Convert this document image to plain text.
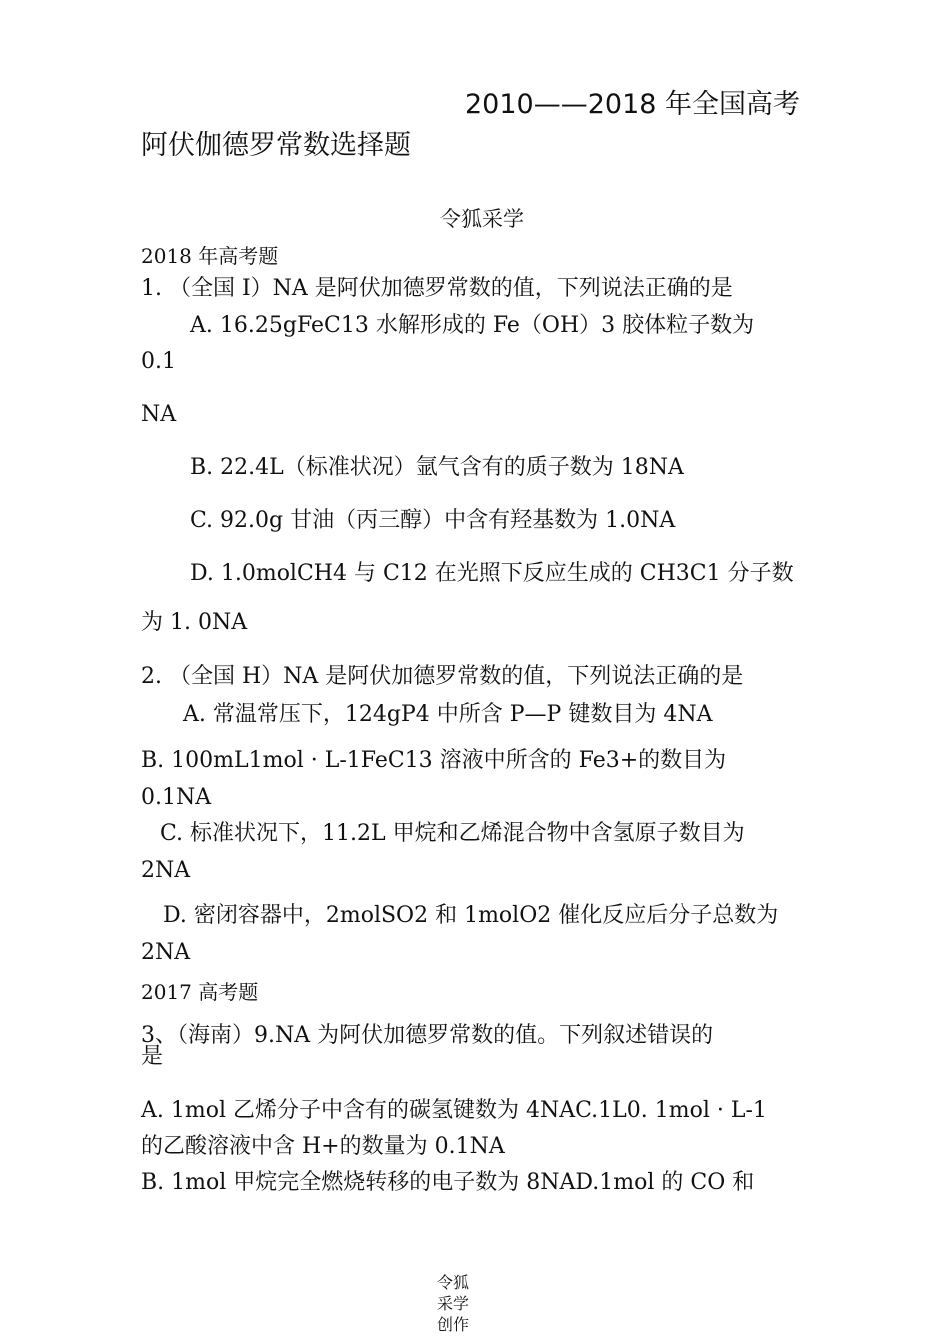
2010——2018 年全国高考
阿伏伽德罗常数选择题
令狐采学
2018 年高考题
1. （全国 I）NA 是阿伏加德罗常数的值，下列说法正确的是
A. 16.25gFeC13 水解形成的 Fe（OH）3 胶体粒子数为
0.1
NA
B. 22.4L（标准状况）氩气含有的质子数为 18NA
C. 92.0g 甘油（丙三醇）中含有羟基数为 1.0NA
D. 1.0molCH4 与 C12 在光照下反应生成的 CH3C1 分子数
为 1. 0NA
2. （全国 H）NA 是阿伏加德罗常数的值，下列说法正确的是
A. 常温常压下，124gP4 中所含 P—P 键数目为 4NA
B. 100mL1mol · L-1FeC13 溶液中所含的 Fe3+的数目为
0.1NA
C. 标准状况下，11.2L 甲烷和乙烯混合物中含氢原子数目为
2NA
D. 密闭容器中，2molSO2 和 1molO2 催化反应后分子总数为
2NA
2017 高考题
3、（海南）9.NA 为阿伏加德罗常数的值。下列叙述错误的
是
A. 1mol 乙烯分子中含有的碳氢键数为 4NAC.1L0. 1mol · L-1
的乙酸溶液中含 H+的数量为 0.1NA
B. 1mol 甲烷完全燃烧转移的电子数为 8NAD.1mol 的 CO 和
令狐
采学
创作
